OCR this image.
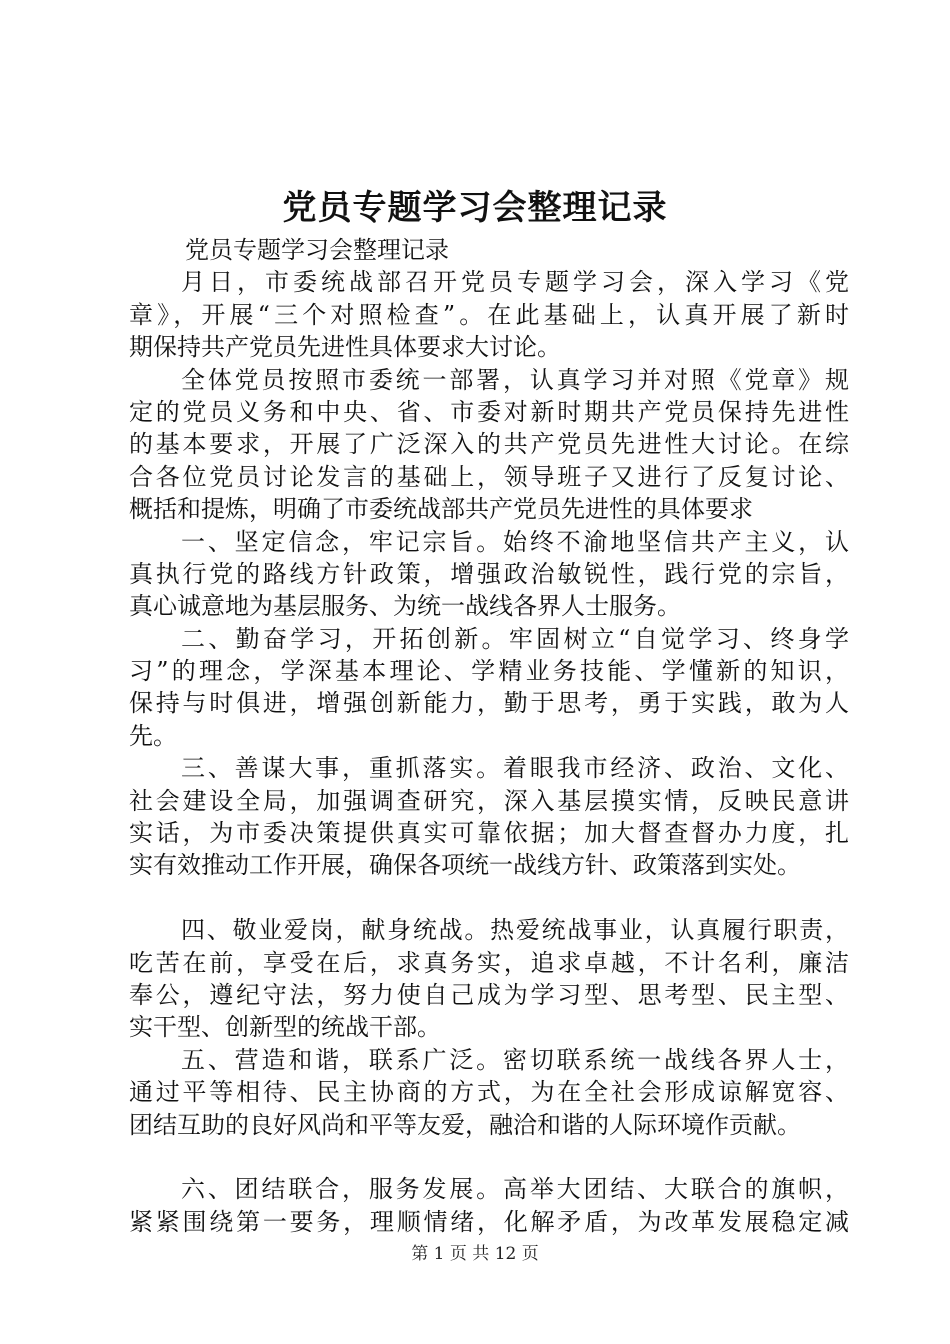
党员专题学习会整理记录
党员专题学习会整理记录
月日，市委统战部召开党员专题学习会，深入学习《党
章》，开展“三个对照检查”。在此基础上，认真开展了新时
期保持共产党员先进性具体要求大讨论。
全体党员按照市委统一部署，认真学习并对照《党章》规
定的党员义务和中央、省、市委对新时期共产党员保持先进性
的基本要求，开展了广泛深入的共产党员先进性大讨论。在综
合各位党员讨论发言的基础上，领导班子又进行了反复讨论、
概括和提炼，明确了市委统战部共产党员先进性的具体要求
一、坚定信念，牢记宗旨。始终不渝地坚信共产主义，认
真执行党的路线方针政策，增强政治敏锐性，践行党的宗旨，
真心诚意地为基层服务、为统一战线各界人士服务。
二、勤奋学习，开拓创新。牢固树立“自觉学习、终身学
习”的理念，学深基本理论、学精业务技能、学懂新的知识，
保持与时俱进，增强创新能力，勤于思考，勇于实践，敢为人
先。
三、善谋大事，重抓落实。着眼我市经济、政治、文化、
社会建设全局，加强调查研究，深入基层摸实情，反映民意讲
实话，为市委决策提供真实可靠依据；加大督查督办力度，扎
实有效推动工作开展，确保各项统一战线方针、政策落到实处。
四、敬业爱岗，献身统战。热爱统战事业，认真履行职责，
吃苦在前，享受在后，求真务实，追求卓越，不计名利，廉洁
奉公，遵纪守法，努力使自己成为学习型、思考型、民主型、
实干型、创新型的统战干部。
五、营造和谐，联系广泛。密切联系统一战线各界人士，
通过平等相待、民主协商的方式，为在全社会形成谅解宽容、
团结互助的良好风尚和平等友爱，融洽和谐的人际环境作贡献。
六、团结联合，服务发展。高举大团结、大联合的旗帜，
紧紧围绕第一要务，理顺情绪，化解矛盾，为改革发展稳定减
第 1 页 共 12 页
